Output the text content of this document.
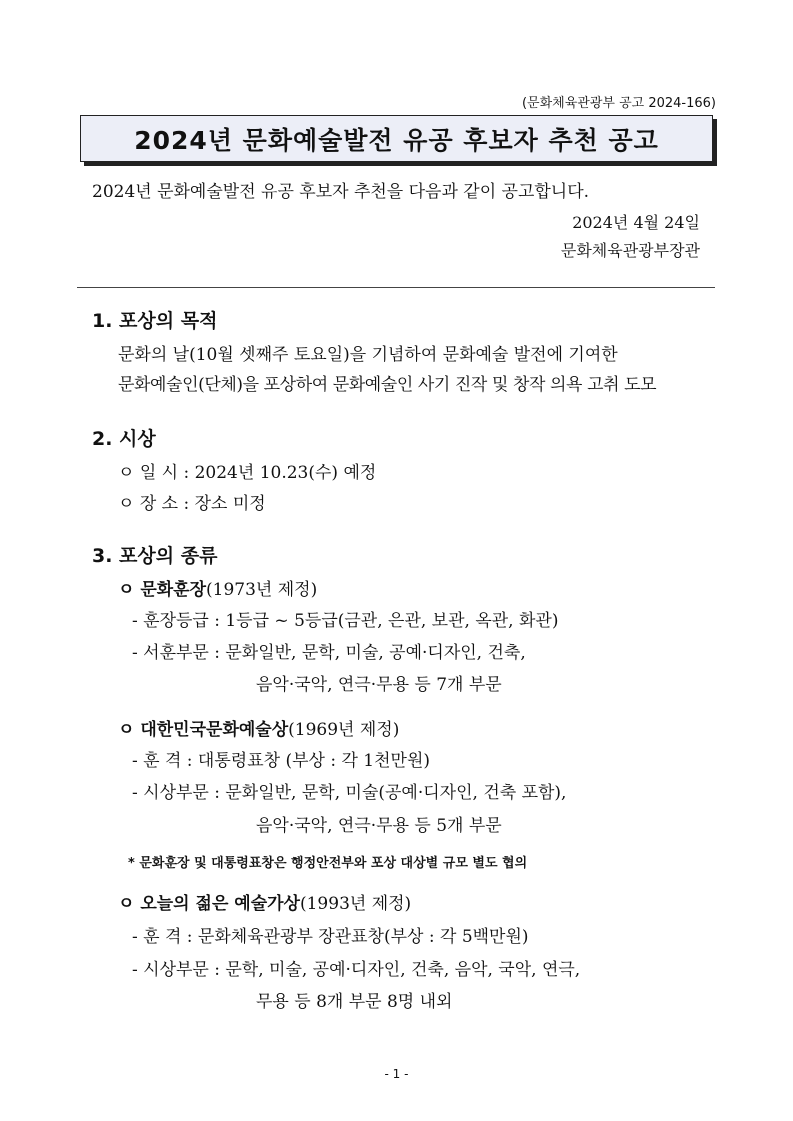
(문화체육관광부 공고 2024-166)
2024년 문화예술발전 유공 후보자 추천 공고
2024년 문화예술발전 유공 후보자 추천을 다음과 같이 공고합니다.
2024년 4월 24일
문화체육관광부장관
1. 포상의 목적
문화의 날(10월 셋째주 토요일)을 기념하여 문화예술 발전에 기여한
문화예술인(단체)을 포상하여 문화예술인 사기 진작 및 창작 의욕 고취 도모
2. 시상
ㅇ 일 시 : 2024년 10.23(수) 예정
ㅇ 장 소 : 장소 미정
3. 포상의 종류
ㅇ 문화훈장(1973년 제정)
- 훈장등급 : 1등급 ~ 5등급(금관, 은관, 보관, 옥관, 화관)
- 서훈부문 : 문화일반, 문학, 미술, 공예·디자인, 건축,
음악·국악, 연극·무용 등 7개 부문
ㅇ 대한민국문화예술상(1969년 제정)
- 훈 격 : 대통령표창 (부상 : 각 1천만원)
- 시상부문 : 문화일반, 문학, 미술(공예·디자인, 건축 포함),
음악·국악, 연극·무용 등 5개 부문
* 문화훈장 및 대통령표창은 행정안전부와 포상 대상별 규모 별도 협의
ㅇ 오늘의 젊은 예술가상(1993년 제정)
- 훈 격 : 문화체육관광부 장관표창(부상 : 각 5백만원)
- 시상부문 : 문학, 미술, 공예·디자인, 건축, 음악, 국악, 연극,
무용 등 8개 부문 8명 내외
- 1 -
